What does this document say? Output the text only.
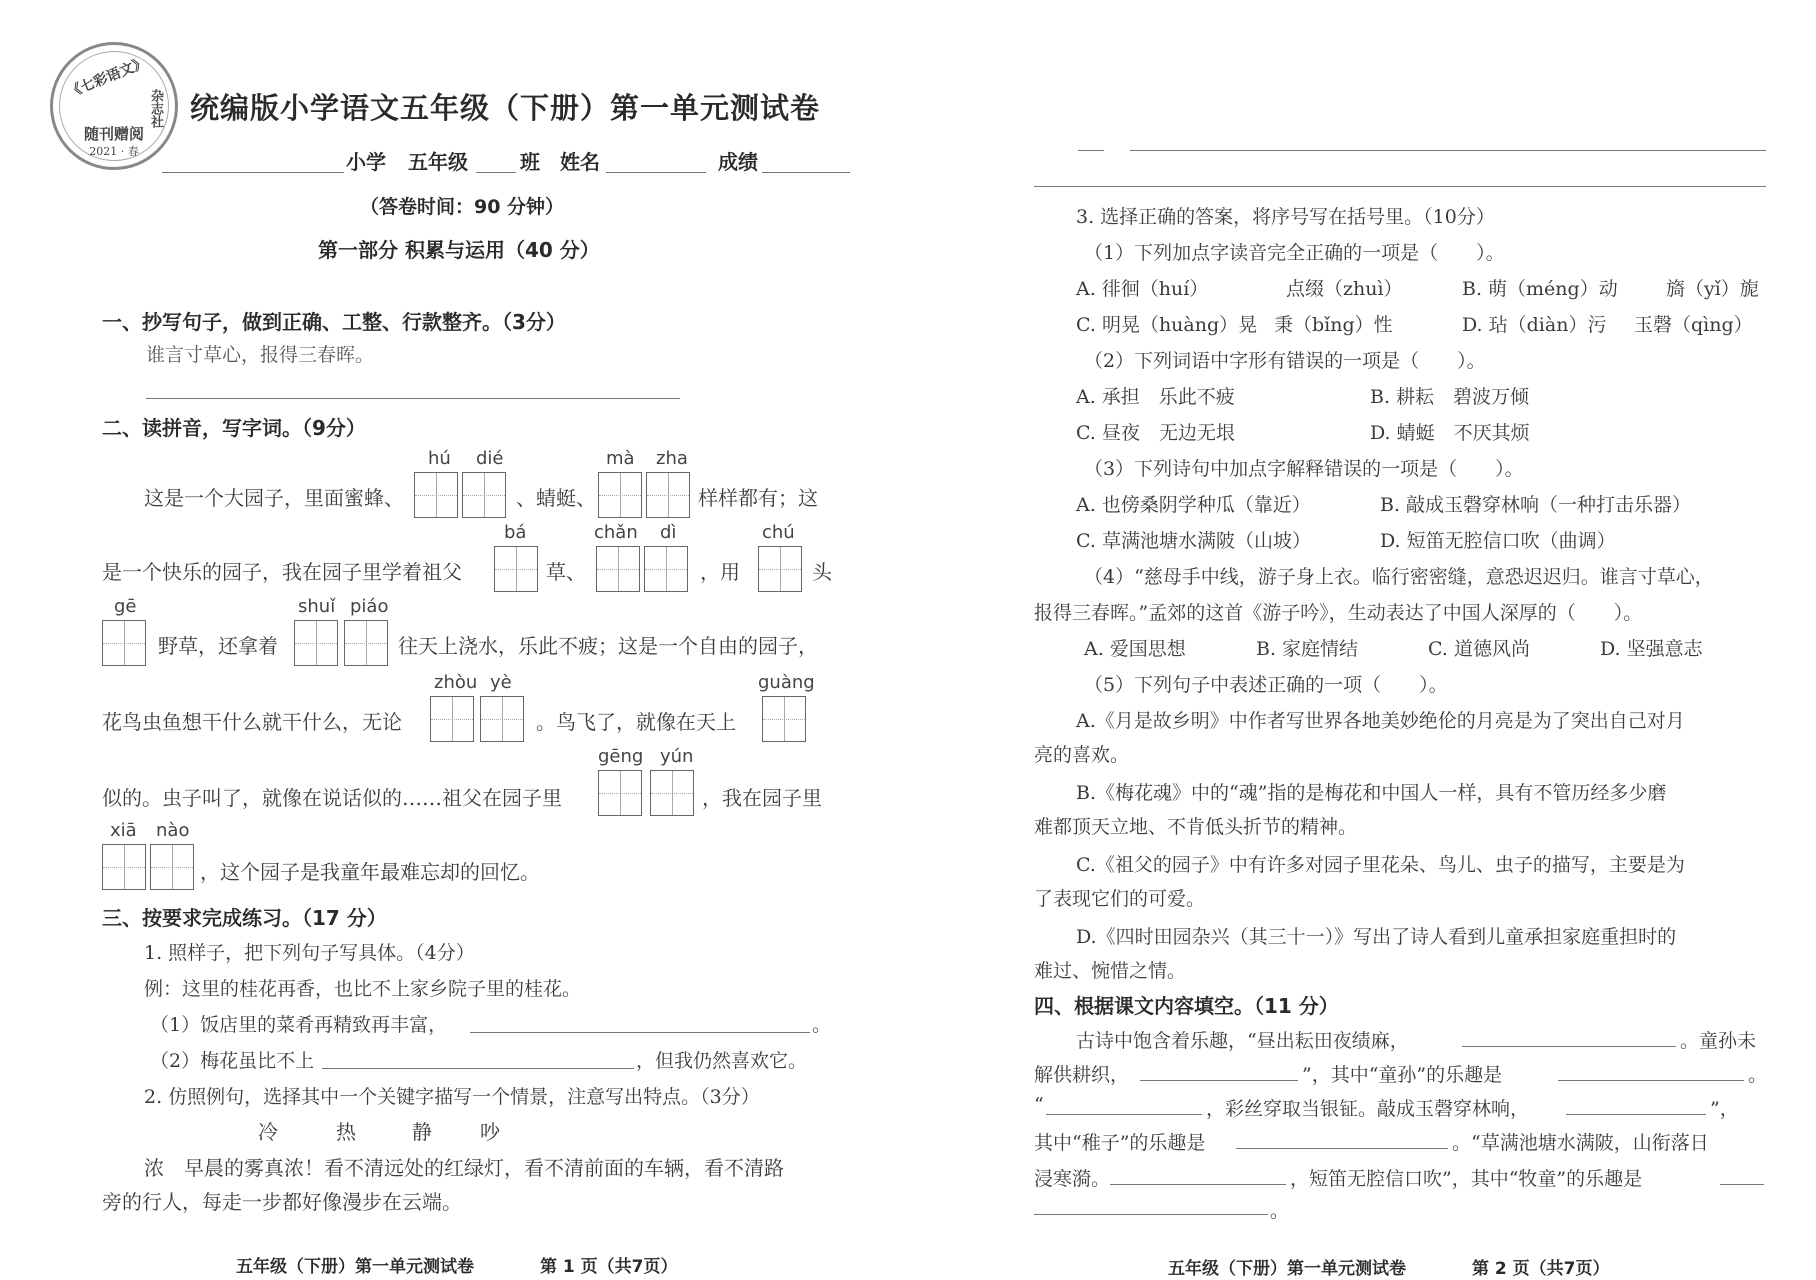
《七彩语文》
杂志社
随刊赠阅
2021 · 春
统编版小学语文五年级（下册）第一单元测试卷
小学 五年级	班 姓名	成绩
（答卷时间：90 分钟）
第一部分 积累与运用（40 分）
一、抄写句子，做到正确、工整、行款整齐。（3分）
谁言寸草心，报得三春晖。
二、读拼音，写字词。（9分）
这是一个大园子，里面蜜蜂、
hú dié
、蜻蜓、
mà zha
样样都有；这
是一个快乐的园子，我在园子里学着祖父
bá
草、
chǎn dì
，用
chú
头
gē
野草，还拿着
shuǐ piáo
往天上浇水，乐此不疲；这是一个自由的园子，
花鸟虫鱼想干什么就干什么，无论
zhòu yè
。鸟飞了，就像在天上
guàng
似的。虫子叫了，就像在说话似的……祖父在园子里
gēng yún
，我在园子里
xiā nào
，这个园子是我童年最难忘却的回忆。
三、按要求完成练习。（17 分）
1. 照样子，把下列句子写具体。（4分）
例：这里的桂花再香，也比不上家乡院子里的桂花。
（1）饭店里的菜肴再精致再丰富，	。
（2）梅花虽比不上	，但我仍然喜欢它。
2. 仿照例句，选择其中一个关键字描写一个情景，注意写出特点。（3分）
冷	热	静 吵
浓 早晨的雾真浓！看不清远处的红绿灯，看不清前面的车辆，看不清路
旁的行人，每走一步都好像漫步在云端。
五年级（下册）第一单元测试卷	第 1 页（共7页）
3. 选择正确的答案，将序号写在括号里。（10分）
（1）下列加点字读音完全正确的一项是（　　）。
A. 徘徊（huí）	点缀（zhuì）	B. 萌（méng）动	旖（yǐ）旎
C. 明晃（huàng）晃 秉（bǐng）性	D. 玷（diàn）污 玉磬（qìng）
（2）下列词语中字形有错误的一项是（　　）。
A. 承担　乐此不疲	B. 耕耘　碧波万倾
C. 昼夜　无边无垠	D. 蜻蜓　不厌其烦
（3）下列诗句中加点字解释错误的一项是（　　）。
A. 也傍桑阴学种瓜（靠近）	B. 敲成玉磬穿林响（一种打击乐器）
C. 草满池塘水满陂（山坡）	D. 短笛无腔信口吹（曲调）
（4）“慈母手中线，游子身上衣。临行密密缝，意恐迟迟归。谁言寸草心，
报得三春晖。”孟郊的这首《游子吟》，生动表达了中国人深厚的（　　）。
A. 爱国思想	B. 家庭情结	C. 道德风尚	D. 坚强意志
（5）下列句子中表述正确的一项（　　）。
A.《月是故乡明》中作者写世界各地美妙绝伦的月亮是为了突出自己对月
亮的喜欢。
B.《梅花魂》中的“魂”指的是梅花和中国人一样，具有不管历经多少磨
难都顶天立地、不肯低头折节的精神。
C.《祖父的园子》中有许多对园子里花朵、鸟儿、虫子的描写，主要是为
了表现它们的可爱。
D.《四时田园杂兴（其三十一）》写出了诗人看到儿童承担家庭重担时的
难过、惋惜之情。
四、根据课文内容填空。（11 分）
古诗中饱含着乐趣，“昼出耘田夜绩麻，	。童孙未
解供耕织，	”，其中“童孙”的乐趣是	。
“	，彩丝穿取当银钲。敲成玉磬穿林响，	”，
其中“稚子”的乐趣是	。“草满池塘水满陂，山衔落日
浸寒漪。	，短笛无腔信口吹”，其中“牧童”的乐趣是
。
五年级（下册）第一单元测试卷	第 2 页（共7页）
